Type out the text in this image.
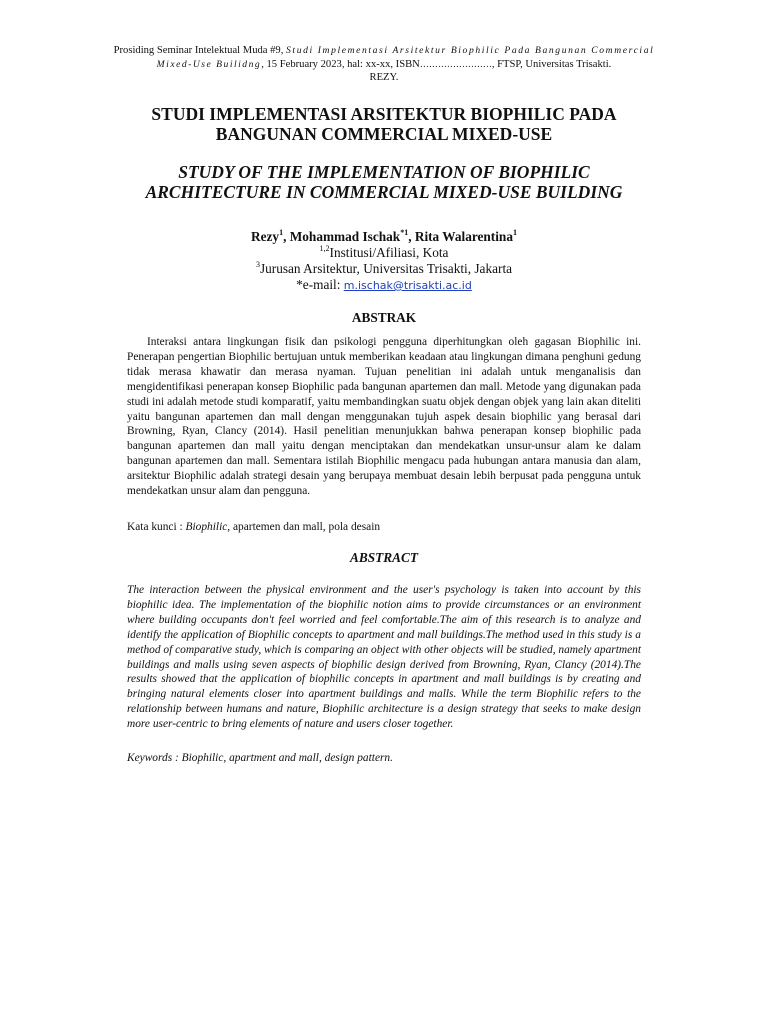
Prosiding Seminar Intelektual Muda #9, Studi Implementasi Arsitektur Biophilic Pada Bangunan Commercial
Mixed-Use Builidng, 15 February 2023, hal: xx-xx, ISBN……………………, FTSP, Universitas Trisakti.
REZY.
STUDI IMPLEMENTASI ARSITEKTUR BIOPHILIC PADA
BANGUNAN COMMERCIAL MIXED-USE
STUDY OF THE IMPLEMENTATION OF BIOPHILIC
ARCHITECTURE IN COMMERCIAL MIXED-USE BUILDING
Rezy$^1$, Mohammad Ischak$^{*1}$, Rita Walarentina$^1$
$^{1,2}$Institusi/Afiliasi, Kota
$^3$Jurusan Arsitektur, Universitas Trisakti, Jakarta
*e-mail: m.ischak@trisakti.ac.id
ABSTRAK
Interaksi antara lingkungan fisik dan psikologi pengguna diperhitungkan oleh gagasan Biophilic ini. Penerapan pengertian Biophilic bertujuan untuk memberikan keadaan atau lingkungan dimana penghuni gedung tidak merasa khawatir dan merasa nyaman. Tujuan penelitian ini adalah untuk menganalisis dan mengidentifikasi penerapan konsep Biophilic pada bangunan apartemen dan mall. Metode yang digunakan pada studi ini adalah metode studi komparatif, yaitu membandingkan suatu objek dengan objek yang lain akan diteliti yaitu bangunan apartemen dan mall dengan menggunakan tujuh aspek desain biophilic yang berasal dari Browning, Ryan, Clancy (2014). Hasil penelitian menunjukkan bahwa penerapan konsep biophilic pada bangunan apartemen dan mall yaitu dengan menciptakan dan mendekatkan unsur-unsur alam ke dalam bangunan apartemen dan mall. Sementara istilah Biophilic mengacu pada hubungan antara manusia dan alam, arsitektur Biophilic adalah strategi desain yang berupaya membuat desain lebih berpusat pada pengguna untuk mendekatkan unsur alam dan pengguna.
Kata kunci : Biophilic, apartemen dan mall, pola desain
ABSTRACT
The interaction between the physical environment and the user's psychology is taken into account by this biophilic idea. The implementation of the biophilic notion aims to provide circumstances or an environment where building occupants don't feel worried and feel comfortable.The aim of this research is to analyze and identify the application of Biophilic concepts to apartment and mall buildings.The method used in this study is a method of comparative study, which is comparing an object with other objects will be studied, namely apartment buildings and malls using seven aspects of biophilic design derived from Browning, Ryan, Clancy (2014).The results showed that the application of biophilic concepts in apartment and mall buildings is by creating and bringing natural elements closer into apartment buildings and malls. While the term Biophilic refers to the relationship between humans and nature, Biophilic architecture is a design strategy that seeks to make design more user-centric to bring elements of nature and users closer together.
Keywords : Biophilic, apartment and mall, design pattern.
